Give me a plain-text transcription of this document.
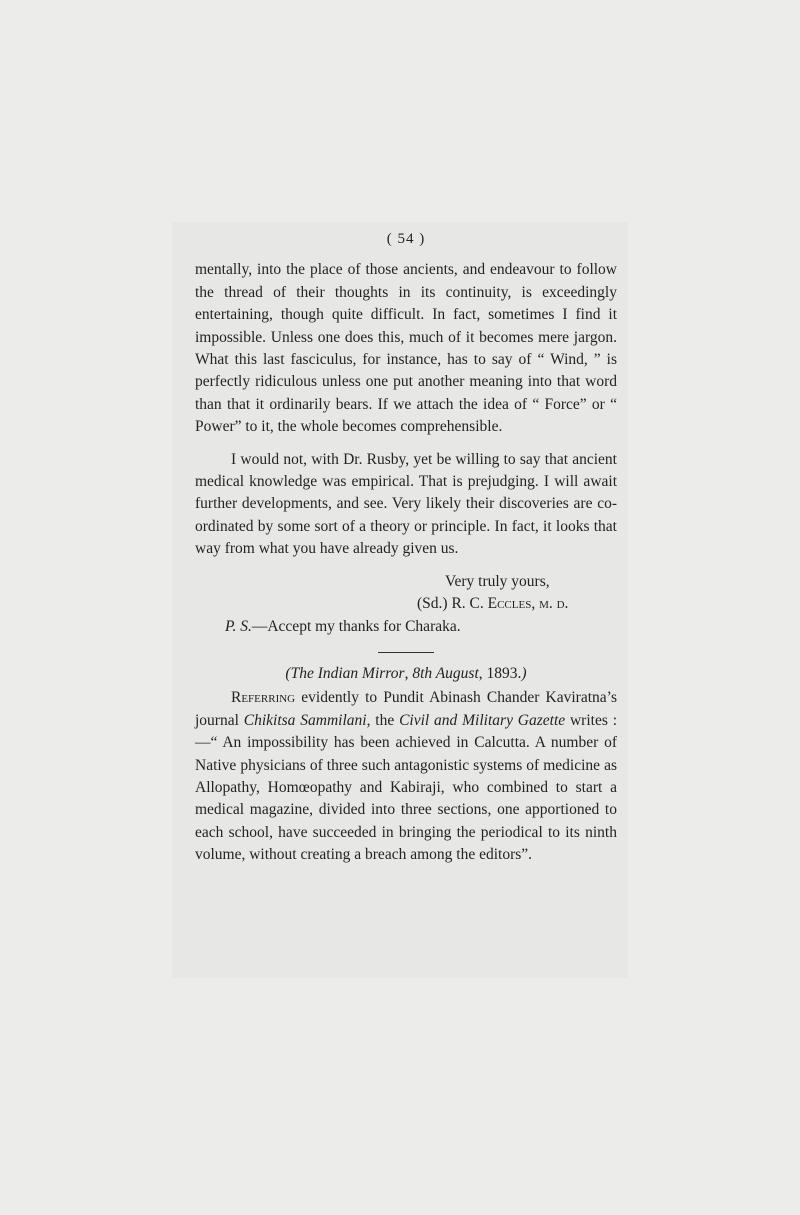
( 54 )

mentally, into the place of those ancients, and endeavour to follow the thread of their thoughts in its continuity, is exceedingly entertaining, though quite difficult. In fact, sometimes I find it impossible. Unless one does this, much of it becomes mere jargon. What this last fasciculus, for instance, has to say of “ Wind, ” is perfectly ridiculous unless one put another meaning into that word than that it ordinarily bears. If we attach the idea of “ Force” or “ Power” to it, the whole becomes comprehensible.

I would not, with Dr. Rusby, yet be willing to say that ancient medical knowledge was empirical. That is prejudging. I will await further developments, and see. Very likely their discoveries are co-ordinated by some sort of a theory or principle. In fact, it looks that way from what you have already given us.

Very truly yours,

(Sd.) R. C. Eccles, m. d.

P. S.—Accept my thanks for Charaka.

(The Indian Mirror, 8th August, 1893.)

Referring evidently to Pundit Abinash Chander Kaviratna’s journal Chikitsa Sammilani, the Civil and Military Gazette writes :—“ An impossibility has been achieved in Calcutta. A number of Native physicians of three such antagonistic systems of medicine as Allopathy, Homœopathy and Kabiraji, who combined to start a medical magazine, divided into three sections, one apportioned to each school, have succeeded in bringing the periodical to its ninth volume, without creating a breach among the editors”.
